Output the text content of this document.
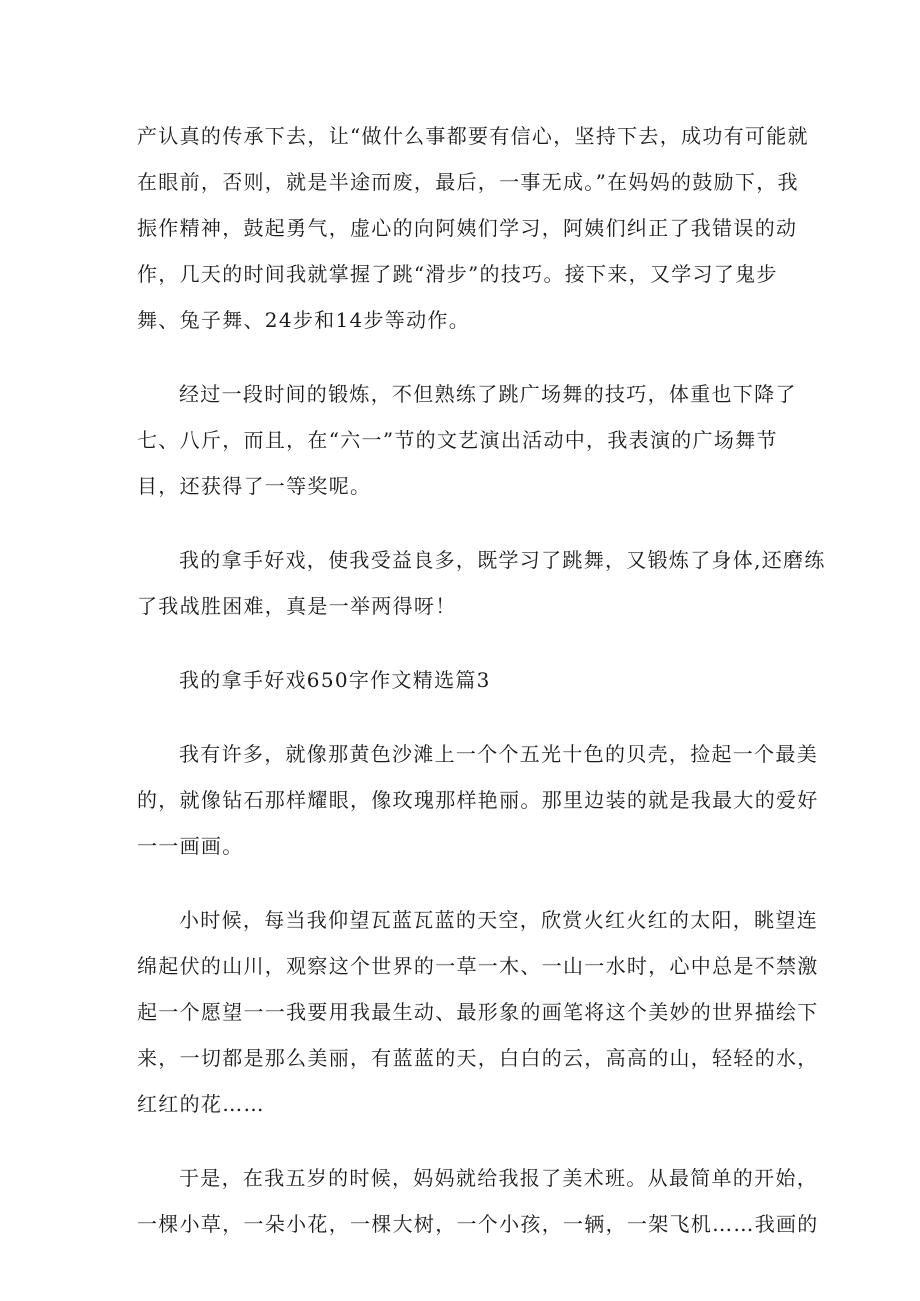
产认真的传承下去，让“做什么事都要有信心，坚持下去，成功有可能就
在眼前，否则，就是半途而废，最后，一事无成。”在妈妈的鼓励下，我
振作精神，鼓起勇气，虚心的向阿姨们学习，阿姨们纠正了我错误的动
作，几天的时间我就掌握了跳“滑步”的技巧。接下来，又学习了鬼步
舞、兔子舞、24步和14步等动作。

经过一段时间的锻炼，不但熟练了跳广场舞的技巧，体重也下降了
七、八斤，而且，在“六一”节的文艺演出活动中，我表演的广场舞节
目，还获得了一等奖呢。

我的拿手好戏，使我受益良多，既学习了跳舞，又锻炼了身体,还磨练
了我战胜困难，真是一举两得呀！

我的拿手好戏650字作文精选篇3

我有许多，就像那黄色沙滩上一个个五光十色的贝壳，捡起一个最美
的，就像钻石那样耀眼，像玫瑰那样艳丽。那里边装的就是我最大的爱好
一一画画。

小时候，每当我仰望瓦蓝瓦蓝的天空，欣赏火红火红的太阳，眺望连
绵起伏的山川，观察这个世界的一草一木、一山一水时，心中总是不禁激
起一个愿望一一我要用我最生动、最形象的画笔将这个美妙的世界描绘下
来，一切都是那么美丽，有蓝蓝的天，白白的云，高高的山，轻轻的水，
红红的花……

于是，在我五岁的时候，妈妈就给我报了美术班。从最简单的开始，
一棵小草，一朵小花，一棵大树，一个小孩，一辆，一架飞机……我画的
